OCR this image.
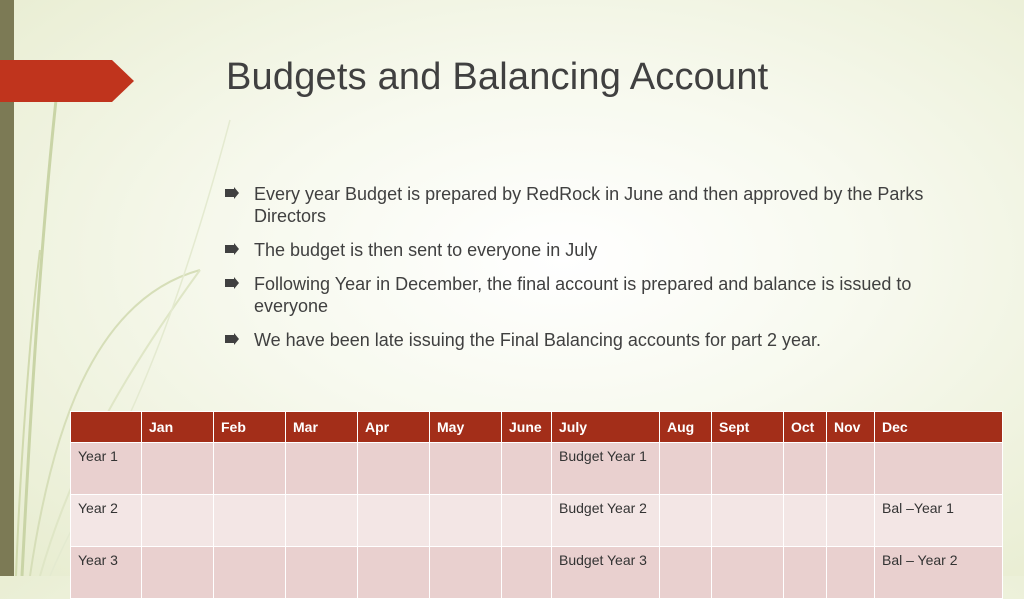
Budgets and Balancing Account
Every year Budget is prepared by RedRock in June and then approved by the Parks Directors
The budget is then sent to everyone in July
Following Year in December, the final account is prepared and balance is issued to everyone
We have been late issuing the Final Balancing accounts for part 2 year.
	Jan	Feb	Mar	Apr	May	June	July	Aug	Sept	Oct	Nov	Dec
Year 1							Budget Year 1					
Year 2							Budget Year 2					Bal –Year 1
Year 3							Budget Year 3					Bal – Year 2
